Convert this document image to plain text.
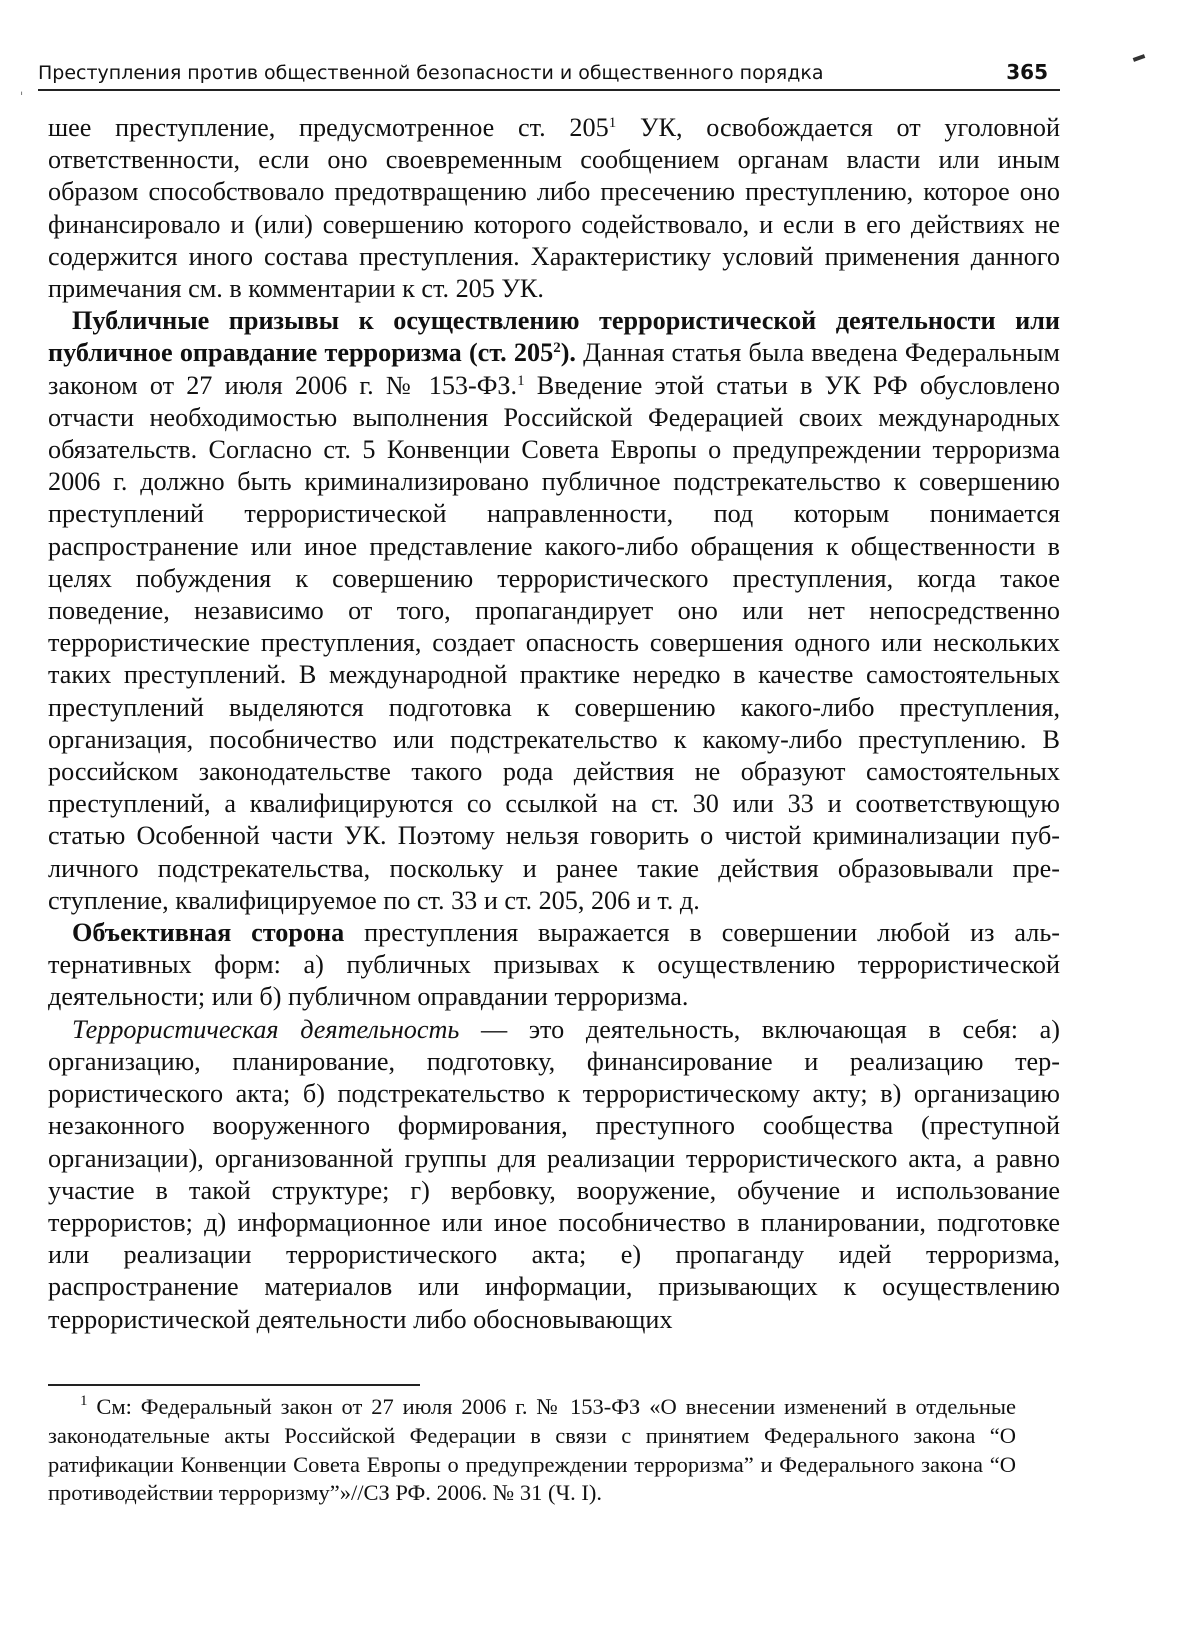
ˌ
Преступления против общественной безопасности и общественного порядка	365

шее преступление, предусмотренное ст. $205^1$ УК, освобождается от уголовной ответственности, если оно своевременным сообщением органам власти или иным образом способствовало предотвращению либо пресечению преступлению, которое оно финансировало и (или) совершению которого содействовало, и если в его действиях не содержится иного состава преступления. Характеристику условий применения данного примечания см. в комментарии к ст. 205 УК.

Публичные призывы к осуществлению террористической деятельности или публичное оправдание терроризма (ст. $205^2$). Данная статья была введена Федеральным законом от 27 июля 2006 г. № 153-ФЗ.$^1$ Введение этой статьи в УК РФ обусловлено отчасти необходимостью выполнения Российской Федерацией своих международных обязательств. Согласно ст. 5 Конвенции Совета Европы о предупреждении терроризма 2006 г. должно быть криминализировано публичное подстрекательство к совершению преступлений террористической направленности, под которым понимается распространение или иное представление какого-либо обращения к общественности в целях побуждения к совершению террористического преступления, когда такое поведение, независимо от того, пропагандирует оно или нет непосредственно террористические преступления, создает опасность совершения одного или нескольких таких преступлений. В международной практике нередко в качестве самостоятельных преступлений выделяются подготовка к совершению какого-либо преступления, организация, пособничество или подстрекательство к какому-либо преступлению. В российском законодательстве такого рода действия не образуют самостоятельных преступлений, а квалифицируются со ссылкой на ст. 30 или 33 и соответствующую статью Особенной части УК. Поэтому нельзя говорить о чистой криминализации публичного подстрекательства, поскольку и ранее такие действия образовывали преступление, квалифицируемое по ст. 33 и ст. 205, 206 и т. д.

Объективная сторона преступления выражается в совершении любой из альтернативных форм: а) публичных призывах к осуществлению террористической деятельности; или б) публичном оправдании терроризма.

Террористическая деятельность — это деятельность, включающая в себя: а) организацию, планирование, подготовку, финансирование и реализацию террористического акта; б) подстрекательство к террористическому акту; в) организацию незаконного вооруженного формирования, преступного сообщества (преступной организации), организованной группы для реализации террористического акта, а равно участие в такой структуре; г) вербовку, вооружение, обучение и использование террористов; д) информационное или иное пособничество в планировании, подготовке или реализации террористического акта; е) пропаганду идей терроризма, распространение материалов или информации, призывающих к осуществлению террористической деятельности либо обосновывающих

$^1$ См: Федеральный закон от 27 июля 2006 г. № 153-ФЗ «О внесении изменений в отдельные законодательные акты Российской Федерации в связи с принятием Федерального закона “О ратификации Конвенции Совета Европы о предупреждении терроризма” и Федерального закона “О противодействии терроризму”»//СЗ РФ. 2006. № 31 (Ч. I).
